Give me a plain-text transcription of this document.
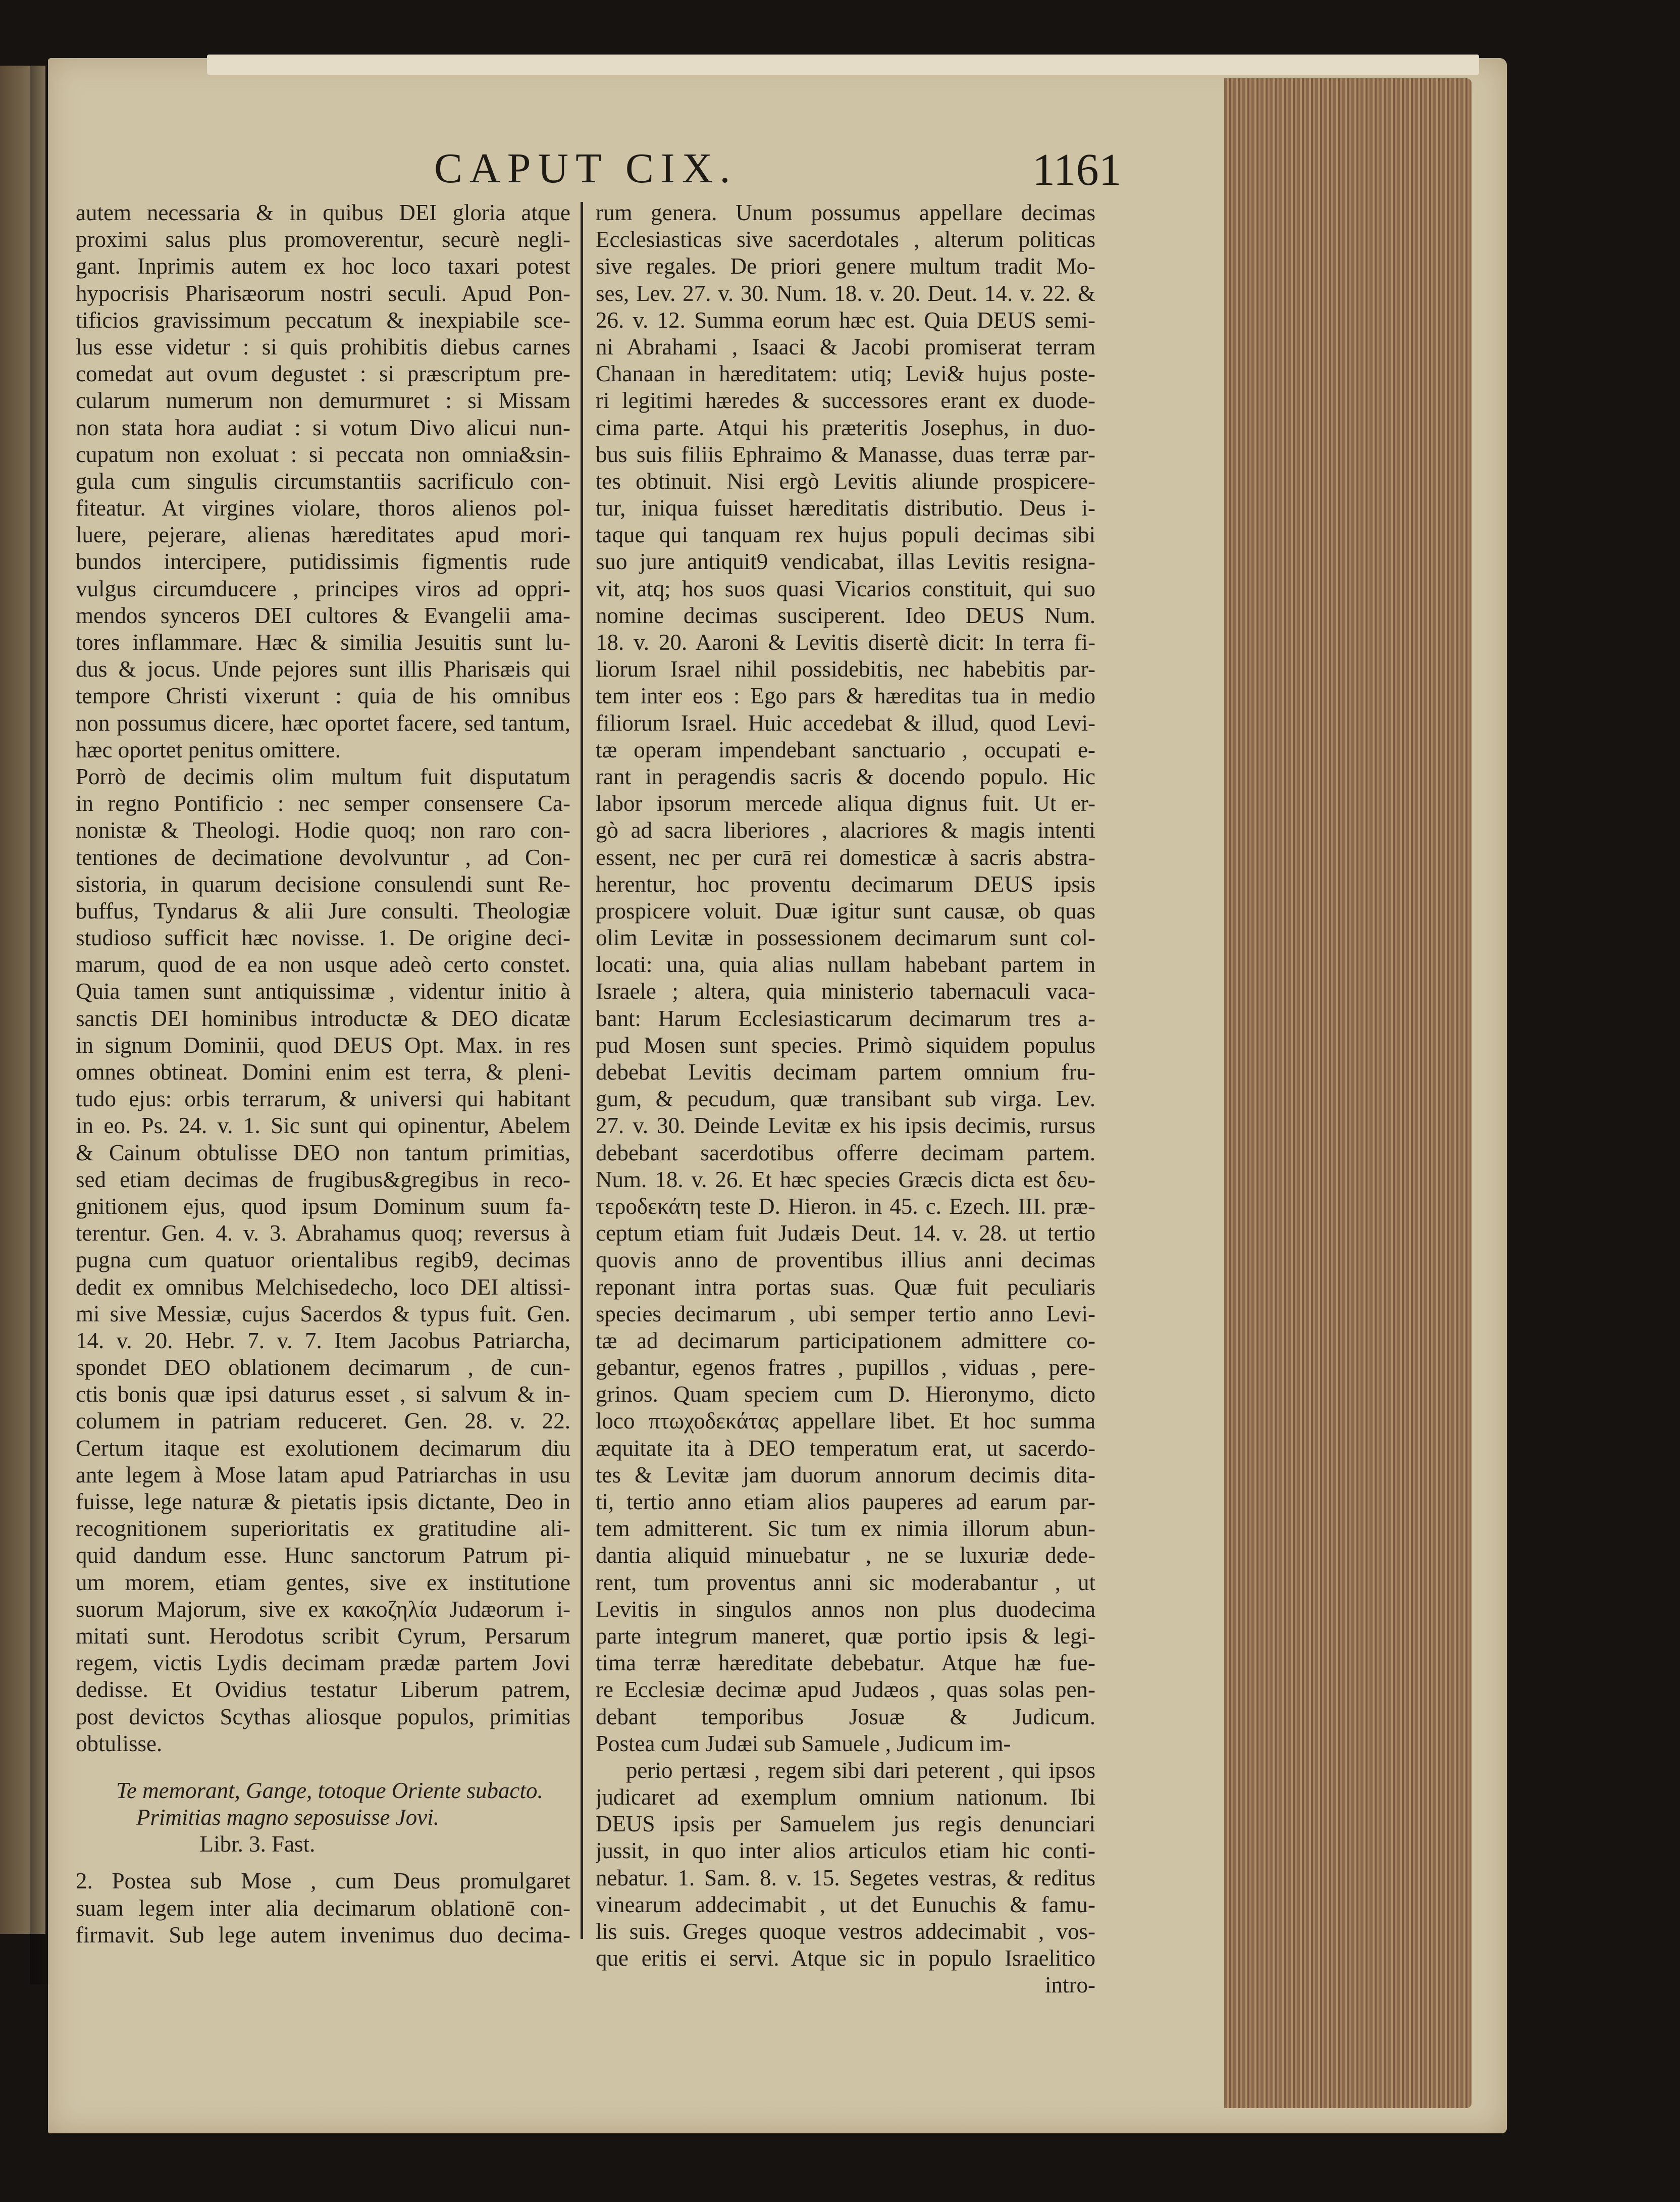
CAPUT CIX.	1161
autem necessaria & in quibus DEI gloria atque
proximi salus plus promoverentur, securè negli-
gant. Inprimis autem ex hoc loco taxari potest
hypocrisis Pharisæorum nostri seculi. Apud Pon-
tificios gravissimum peccatum & inexpiabile sce-
lus esse videtur : si quis prohibitis diebus carnes
comedat aut ovum degustet : si præscriptum pre-
cularum numerum non demurmuret : si Missam
non stata hora audiat : si votum Divo alicui nun-
cupatum non exoluat : si peccata non omnia&sin-
gula cum singulis circumstantiis sacrificulo con-
fiteatur. At virgines violare, thoros alienos pol-
luere, pejerare, alienas hæreditates apud mori-
bundos intercipere, putidissimis figmentis rude
vulgus circumducere , principes viros ad oppri-
mendos synceros DEI cultores & Evangelii ama-
tores inflammare. Hæc & similia Jesuitis sunt lu-
dus & jocus. Unde pejores sunt illis Pharisæis qui
tempore Christi vixerunt : quia de his omnibus
non possumus dicere, hæc oportet facere, sed tantum,
hæc oportet penitus omittere.
Porrò de decimis olim multum fuit disputatum
in regno Pontificio : nec semper consensere Ca-
nonistæ & Theologi. Hodie quoq; non raro con-
tentiones de decimatione devolvuntur , ad Con-
sistoria, in quarum decisione consulendi sunt Re-
buffus, Tyndarus & alii Jure consulti. Theologiæ
studioso sufficit hæc novisse. 1. De origine deci-
marum, quod de ea non usque adeò certo constet.
Quia tamen sunt antiquissimæ , videntur initio à
sanctis DEI hominibus introductæ & DEO dicatæ
in signum Dominii, quod DEUS Opt. Max. in res
omnes obtineat. Domini enim est terra, & pleni-
tudo ejus: orbis terrarum, & universi qui habitant
in eo. Ps. 24. v. 1. Sic sunt qui opinentur, Abelem
& Cainum obtulisse DEO non tantum primitias,
sed etiam decimas de frugibus&gregibus in reco-
gnitionem ejus, quod ipsum Dominum suum fa-
terentur. Gen. 4. v. 3. Abrahamus quoq; reversus à
pugna cum quatuor orientalibus regib9, decimas
dedit ex omnibus Melchisedecho, loco DEI altissi-
mi sive Messiæ, cujus Sacerdos & typus fuit. Gen.
14. v. 20. Hebr. 7. v. 7. Item Jacobus Patriarcha,
spondet DEO oblationem decimarum , de cun-
ctis bonis quæ ipsi daturus esset , si salvum & in-
columem in patriam reduceret. Gen. 28. v. 22.
Certum itaque est exolutionem decimarum diu
ante legem à Mose latam apud Patriarchas in usu
fuisse, lege naturæ & pietatis ipsis dictante, Deo in
recognitionem superioritatis ex gratitudine ali-
quid dandum esse. Hunc sanctorum Patrum pi-
um morem, etiam gentes, sive ex institutione
suorum Majorum, sive ex κακοζηλία Judæorum i-
mitati sunt. Herodotus scribit Cyrum, Persarum
regem, victis Lydis decimam prædæ partem Jovi
dedisse. Et Ovidius testatur Liberum patrem,
post devictos Scythas aliosque populos, primitias
obtulisse.
Te memorant, Gange, totoque Oriente subacto.
Primitias magno seposuisse Jovi.
Libr. 3. Fast.
2. Postea sub Mose , cum Deus promulgaret
suam legem inter alia decimarum oblationē con-
firmavit. Sub lege autem invenimus duo decima-
rum genera. Unum possumus appellare decimas
Ecclesiasticas sive sacerdotales , alterum politicas
sive regales. De priori genere multum tradit Mo-
ses, Lev. 27. v. 30. Num. 18. v. 20. Deut. 14. v. 22. &
26. v. 12. Summa eorum hæc est. Quia DEUS semi-
ni Abrahami , Isaaci & Jacobi promiserat terram
Chanaan in hæreditatem: utiq; Levi& hujus poste-
ri legitimi hæredes & successores erant ex duode-
cima parte. Atqui his præteritis Josephus, in duo-
bus suis filiis Ephraimo & Manasse, duas terræ par-
tes obtinuit. Nisi ergò Levitis aliunde prospicere-
tur, iniqua fuisset hæreditatis distributio. Deus i-
taque qui tanquam rex hujus populi decimas sibi
suo jure antiquit9 vendicabat, illas Levitis resigna-
vit, atq; hos suos quasi Vicarios constituit, qui suo
nomine decimas susciperent. Ideo DEUS Num.
18. v. 20. Aaroni & Levitis disertè dicit: In terra fi-
liorum Israel nihil possidebitis, nec habebitis par-
tem inter eos : Ego pars & hæreditas tua in medio
filiorum Israel. Huic accedebat & illud, quod Levi-
tæ operam impendebant sanctuario , occupati e-
rant in peragendis sacris & docendo populo. Hic
labor ipsorum mercede aliqua dignus fuit. Ut er-
gò ad sacra liberiores , alacriores & magis intenti
essent, nec per curā rei domesticæ à sacris abstra-
herentur, hoc proventu decimarum DEUS ipsis
prospicere voluit. Duæ igitur sunt causæ, ob quas
olim Levitæ in possessionem decimarum sunt col-
locati: una, quia alias nullam habebant partem in
Israele ; altera, quia ministerio tabernaculi vaca-
bant: Harum Ecclesiasticarum decimarum tres a-
pud Mosen sunt species. Primò siquidem populus
debebat Levitis decimam partem omnium fru-
gum, & pecudum, quæ transibant sub virga. Lev.
27. v. 30. Deinde Levitæ ex his ipsis decimis, rursus
debebant sacerdotibus offerre decimam partem.
Num. 18. v. 26. Et hæc species Græcis dicta est δευ-
τεροδεκάτη teste D. Hieron. in 45. c. Ezech. III. præ-
ceptum etiam fuit Judæis Deut. 14. v. 28. ut tertio
quovis anno de proventibus illius anni decimas
reponant intra portas suas. Quæ fuit peculiaris
species decimarum , ubi semper tertio anno Levi-
tæ ad decimarum participationem admittere co-
gebantur, egenos fratres , pupillos , viduas , pere-
grinos. Quam speciem cum D. Hieronymo, dicto
loco πτωχοδεκάτας appellare libet. Et hoc summa
æquitate ita à DEO temperatum erat, ut sacerdo-
tes & Levitæ jam duorum annorum decimis dita-
ti, tertio anno etiam alios pauperes ad earum par-
tem admitterent. Sic tum ex nimia illorum abun-
dantia aliquid minuebatur , ne se luxuriæ dede-
rent, tum proventus anni sic moderabantur , ut
Levitis in singulos annos non plus duodecima
parte integrum maneret, quæ portio ipsis & legi-
tima terræ hæreditate debebatur. Atque hæ fue-
re Ecclesiæ decimæ apud Judæos , quas solas pen-
debant temporibus Josuæ & Judicum.
Postea cum Judæi sub Samuele , Judicum im-
perio pertæsi , regem sibi dari peterent , qui ipsos
judicaret ad exemplum omnium nationum. Ibi
DEUS ipsis per Samuelem jus regis denunciari
jussit, in quo inter alios articulos etiam hic conti-
nebatur. 1. Sam. 8. v. 15. Segetes vestras, & reditus
vinearum addecimabit , ut det Eunuchis & famu-
lis suis. Greges quoque vestros addecimabit , vos-
que eritis ei servi. Atque sic in populo Israelitico
intro-
